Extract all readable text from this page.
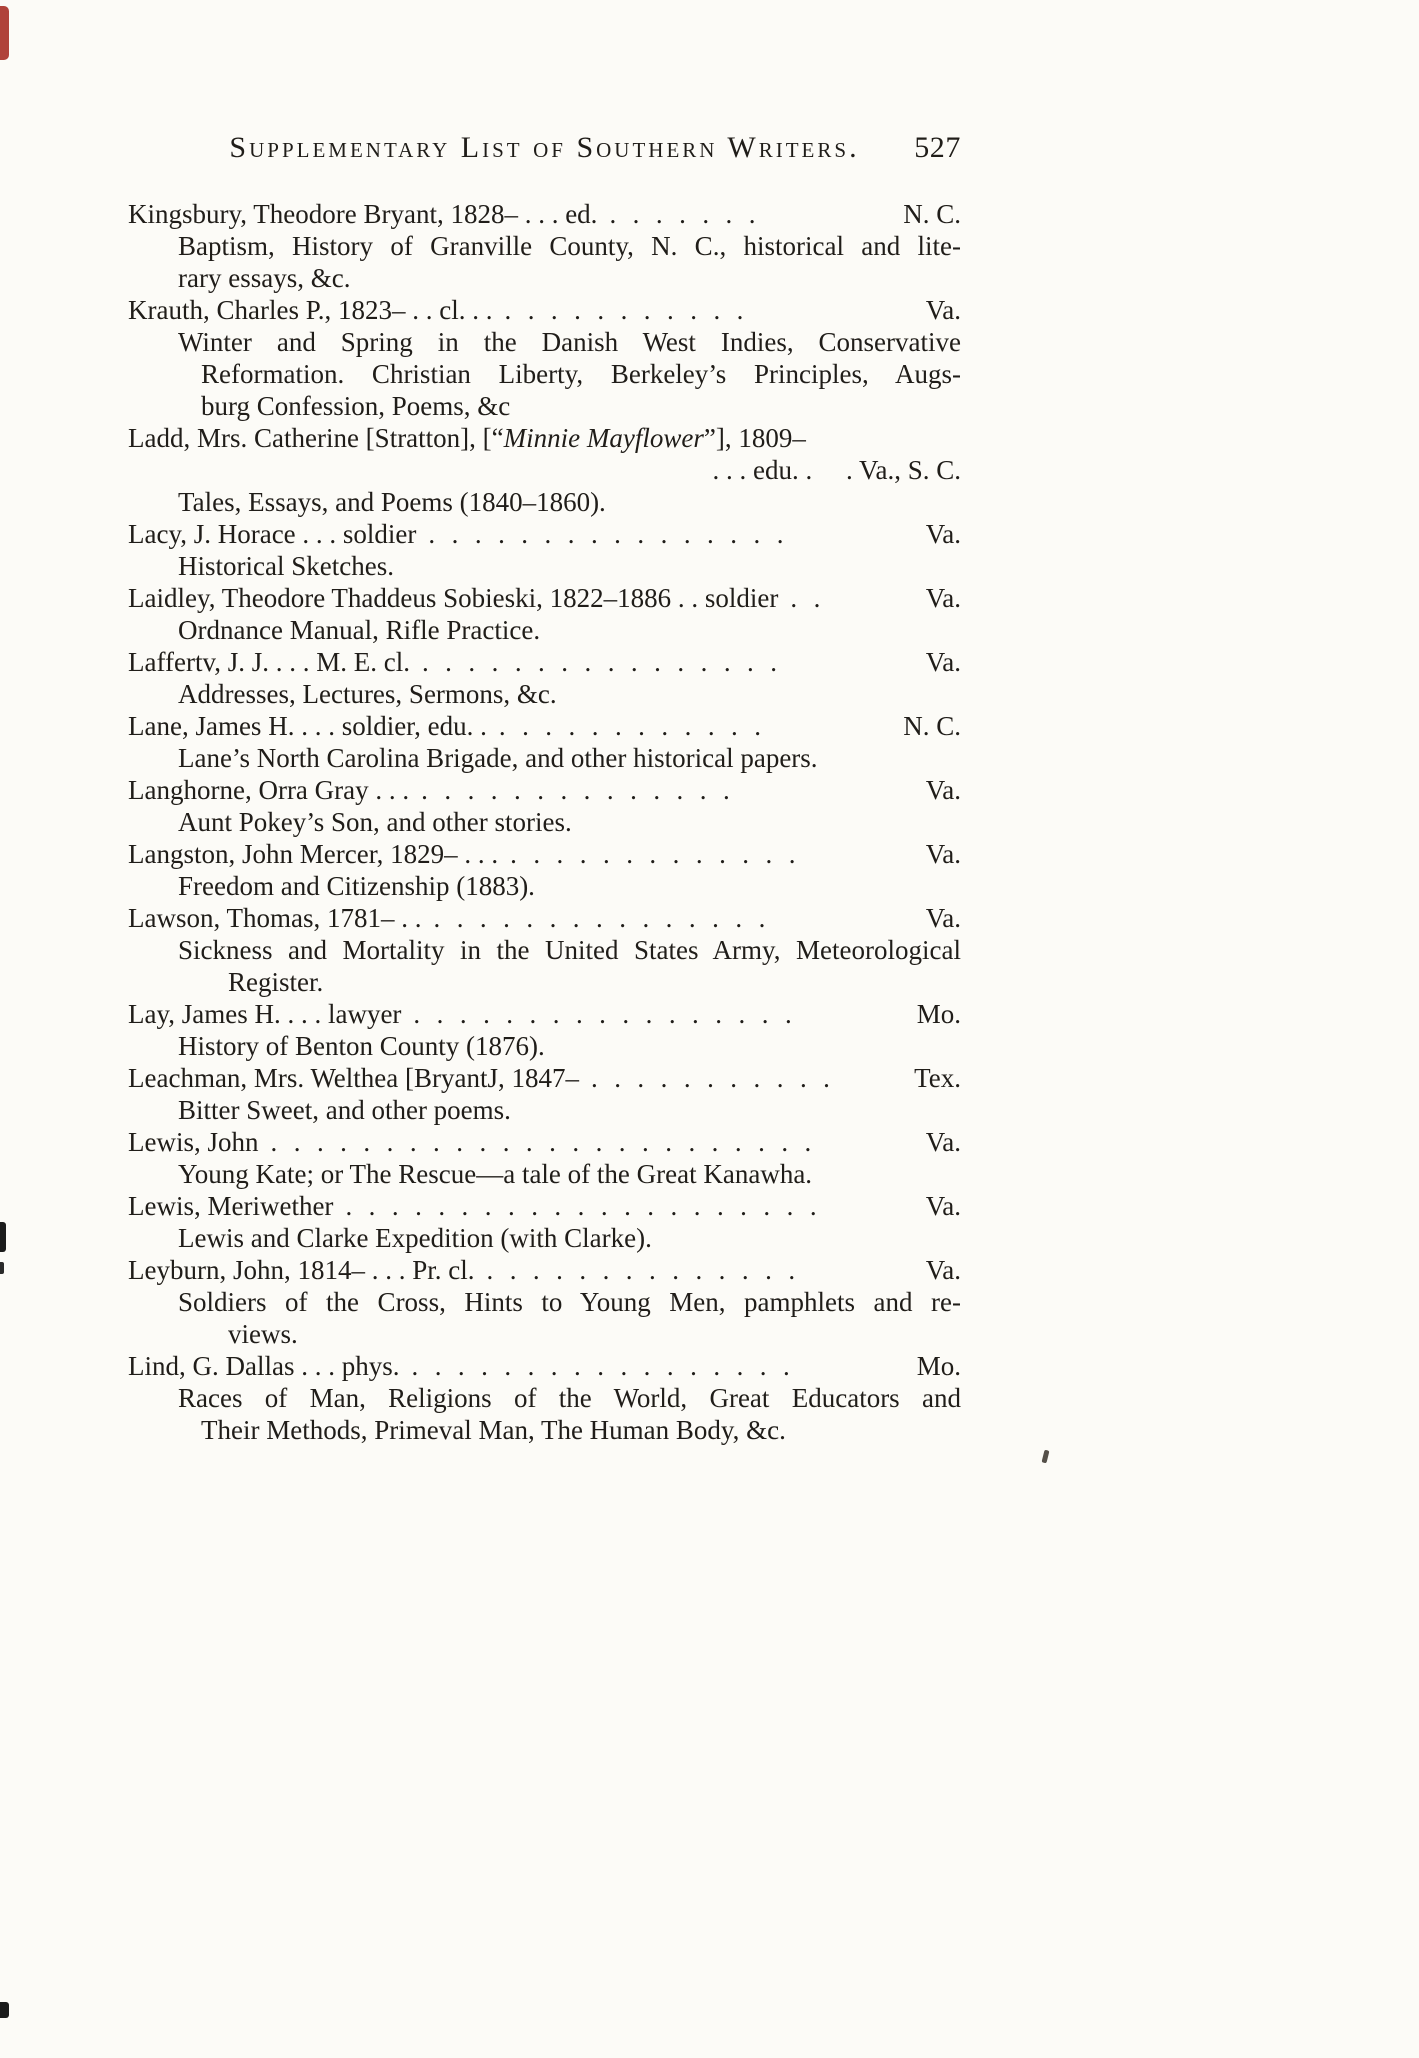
Supplementary List of Southern Writers. 527
Kingsbury, Theodore Bryant, 1828– . . . ed. . . . . . . .	N. C.
Baptism, History of Granville County, N. C., historical and lite-
rary essays, &c.
Krauth, Charles P., 1823– . . cl. . . . . . . . . . . . . .	Va.
Winter and Spring in the Danish West Indies, Conservative
Reformation. Christian Liberty, Berkeley’s Principles, Augs-
burg Confession, Poems, &c
Ladd, Mrs. Catherine [Stratton], [“Minnie Mayflower”], 1809–
. . . edu. .     . Va., S. C.
Tales, Essays, and Poems (1840–1860).
Lacy, J. Horace . . . soldier . . . . . . . . . . . . . . . .	Va.
Historical Sketches.
Laidley, Theodore Thaddeus Sobieski, 1822–1886 . . soldier . .	Va.
Ordnance Manual, Rifle Practice.
Laffertv, J. J. . . . M. E. cl. . . . . . . . . . . . . . . . .	Va.
Addresses, Lectures, Sermons, &c.
Lane, James H. . . . soldier, edu. . . . . . . . . . . . . .	N. C.
Lane’s North Carolina Brigade, and other historical papers.
Langhorne, Orra Gray . . . . . . . . . . . . . . . . .	Va.
Aunt Pokey’s Son, and other stories.
Langston, John Mercer, 1829– . . . . . . . . . . . . . . . .	Va.
Freedom and Citizenship (1883).
Lawson, Thomas, 1781– . . . . . . . . . . . . . . . . .	Va.
Sickness and Mortality in the United States Army, Meteorological
Register.
Lay, James H. . . . lawyer . . . . . . . . . . . . . . . . .	Mo.
History of Benton County (1876).
Leachman, Mrs. Welthea [BryantJ, 1847– . . . . . . . . . . .	Tex.
Bitter Sweet, and other poems.
Lewis, John . . . . . . . . . . . . . . . . . . . . . . . .	Va.
Young Kate; or The Rescue—a tale of the Great Kanawha.
Lewis, Meriwether . . . . . . . . . . . . . . . . . . . . .	Va.
Lewis and Clarke Expedition (with Clarke).
Leyburn, John, 1814– . . . Pr. cl. . . . . . . . . . . . . . .	Va.
Soldiers of the Cross, Hints to Young Men, pamphlets and re-
views.
Lind, G. Dallas . . . phys. . . . . . . . . . . . . . . . . .	Mo.
Races of Man, Religions of the World, Great Educators and
Their Methods, Primeval Man, The Human Body, &c.
